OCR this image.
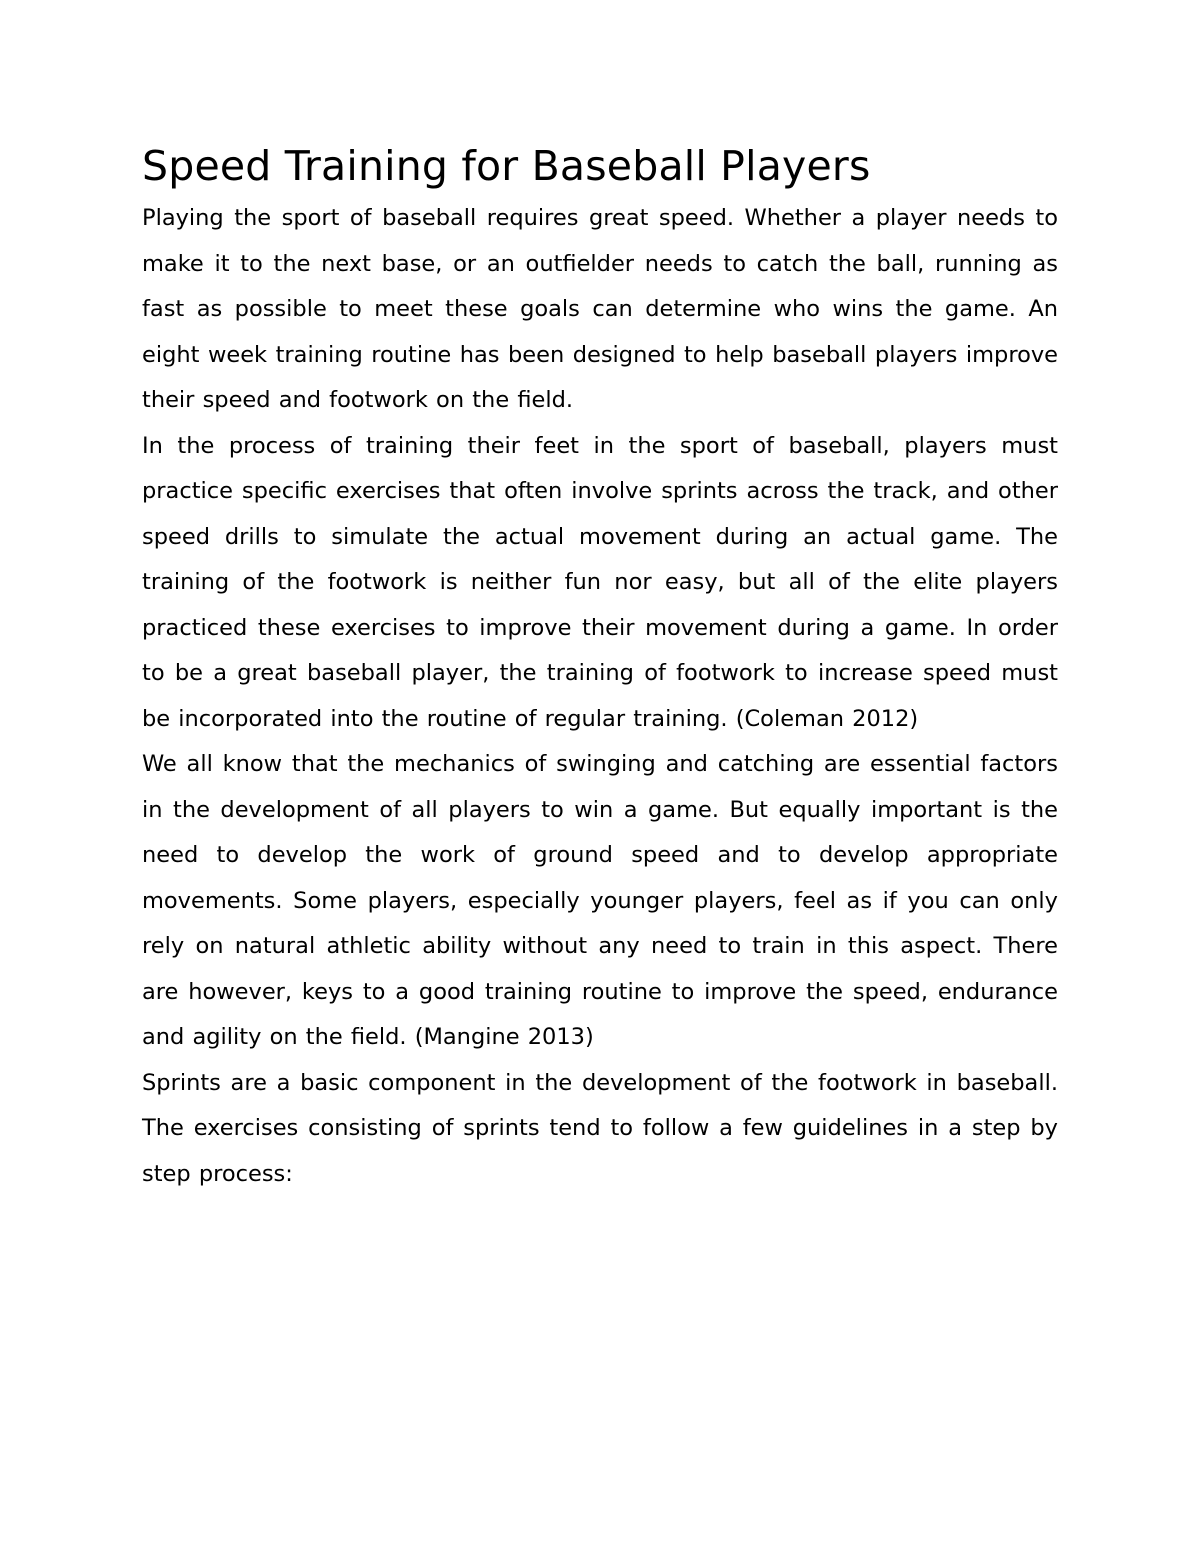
Speed Training for Baseball Players

Playing the sport of baseball requires great speed. Whether a player needs to make it to the next base, or an outfielder needs to catch the ball, running as fast as possible to meet these goals can determine who wins the game. An eight week training routine has been designed to help baseball players improve their speed and footwork on the field.

In the process of training their feet in the sport of baseball, players must practice specific exercises that often involve sprints across the track, and other speed drills to simulate the actual movement during an actual game. The training of the footwork is neither fun nor easy, but all of the elite players practiced these exercises to improve their movement during a game. In order to be a great baseball player, the training of footwork to increase speed must be incorporated into the routine of regular training. (Coleman 2012)

We all know that the mechanics of swinging and catching are essential factors in the development of all players to win a game. But equally important is the need to develop the work of ground speed and to develop appropriate movements. Some players, especially younger players, feel as if you can only rely on natural athletic ability without any need to train in this aspect. There are however, keys to a good training routine to improve the speed, endurance and agility on the field. (Mangine 2013)

Sprints are a basic component in the development of the footwork in baseball. The exercises consisting of sprints tend to follow a few guidelines in a step by step process:
